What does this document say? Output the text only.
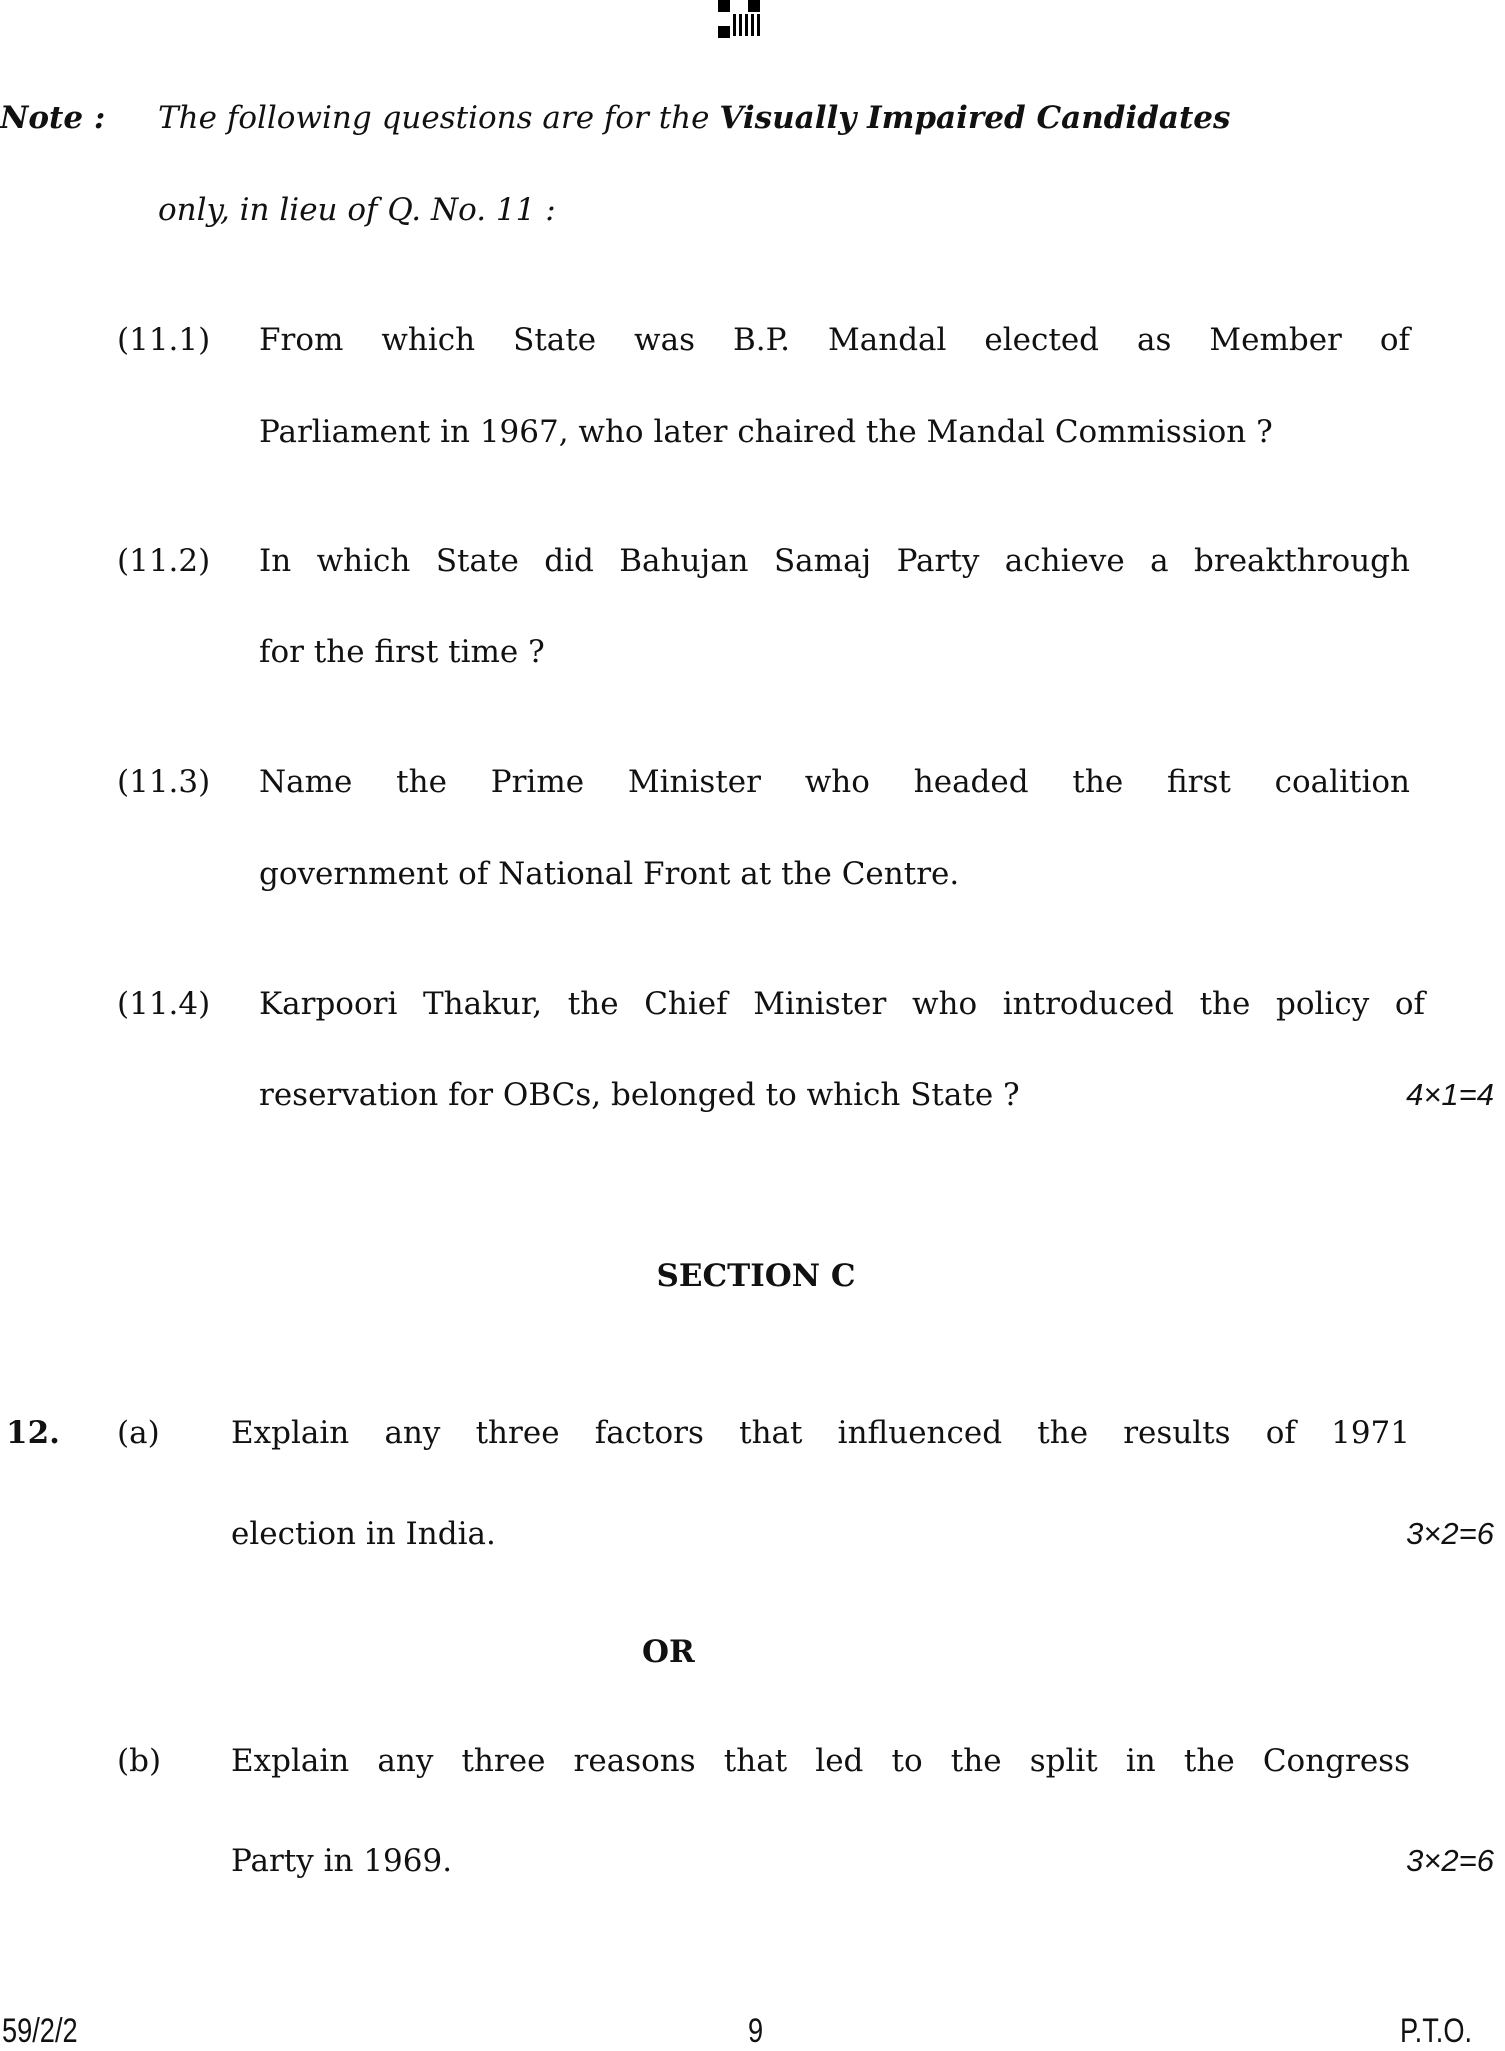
Note : The following questions are for the Visually Impaired Candidates
only, in lieu of Q. No. 11 :
(11.1) From which State was B.P. Mandal elected as Member of
Parliament in 1967, who later chaired the Mandal Commission ?
(11.2) In which State did Bahujan Samaj Party achieve a breakthrough
for the first time ?
(11.3) Name the Prime Minister who headed the first coalition
government of National Front at the Centre.
(11.4) Karpoori Thakur, the Chief Minister who introduced the policy of
reservation for OBCs, belonged to which State ?	4×1=4
SECTION C
12. (a) Explain any three factors that influenced the results of 1971
election in India.	3×2=6
OR
(b) Explain any three reasons that led to the split in the Congress
Party in 1969.	3×2=6
59/2/2	9	P.T.O.
